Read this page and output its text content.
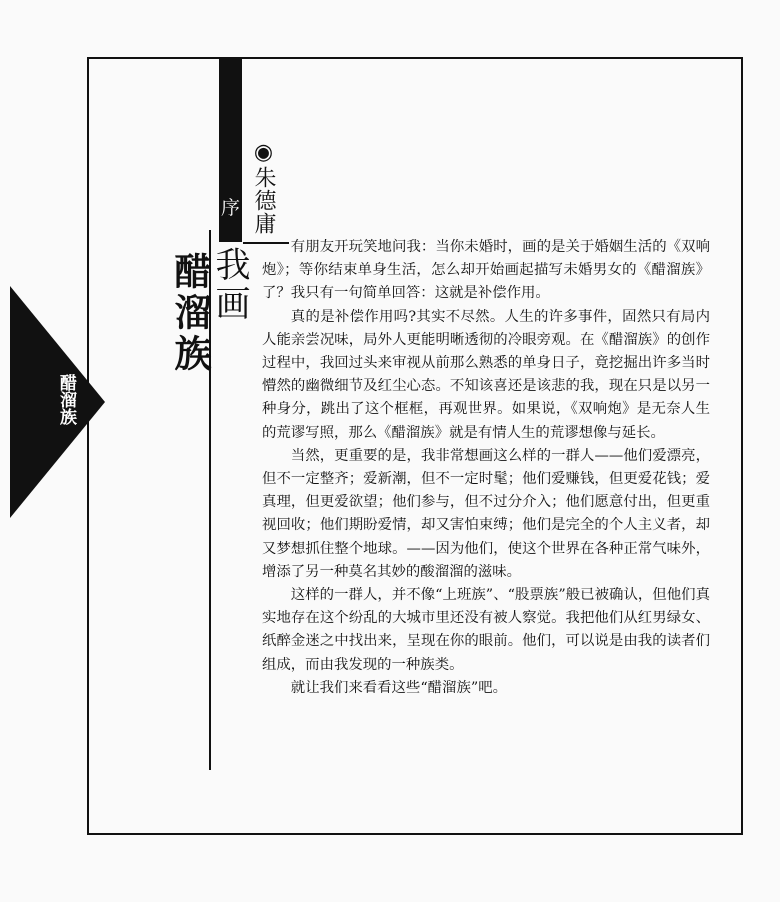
醋溜族
序
◉朱德庸
我画
醋溜族

有朋友开玩笑地问我：当你未婚时，画的是关于婚姻生活的《双响炮》；等你结束单身生活，怎么却开始画起描写未婚男女的《醋溜族》了？我只有一句简单回答：这就是补偿作用。

真的是补偿作用吗?其实不尽然。人生的许多事件，固然只有局内人能亲尝况味，局外人更能明晰透彻的冷眼旁观。在《醋溜族》的创作过程中，我回过头来审视从前那么熟悉的单身日子，竟挖掘出许多当时懵然的幽微细节及红尘心态。不知该喜还是该悲的我，现在只是以另一种身分，跳出了这个框框，再观世界。如果说，《双响炮》是无奈人生的荒谬写照，那么《醋溜族》就是有情人生的荒谬想像与延长。

当然，更重要的是，我非常想画这么样的一群人——他们爱漂亮，但不一定整齐；爱新潮，但不一定时髦；他们爱赚钱，但更爱花钱；爱真理，但更爱欲望；他们参与，但不过分介入；他们愿意付出，但更重视回收；他们期盼爱情，却又害怕束缚；他们是完全的个人主义者，却又梦想抓住整个地球。——因为他们，使这个世界在各种正常气味外，增添了另一种莫名其妙的酸溜溜的滋味。

这样的一群人，并不像“上班族”、“股票族”般已被确认，但他们真实地存在这个纷乱的大城市里还没有被人察觉。我把他们从红男绿女、纸醉金迷之中找出来，呈现在你的眼前。他们，可以说是由我的读者们组成，而由我发现的一种族类。

就让我们来看看这些“醋溜族”吧。
